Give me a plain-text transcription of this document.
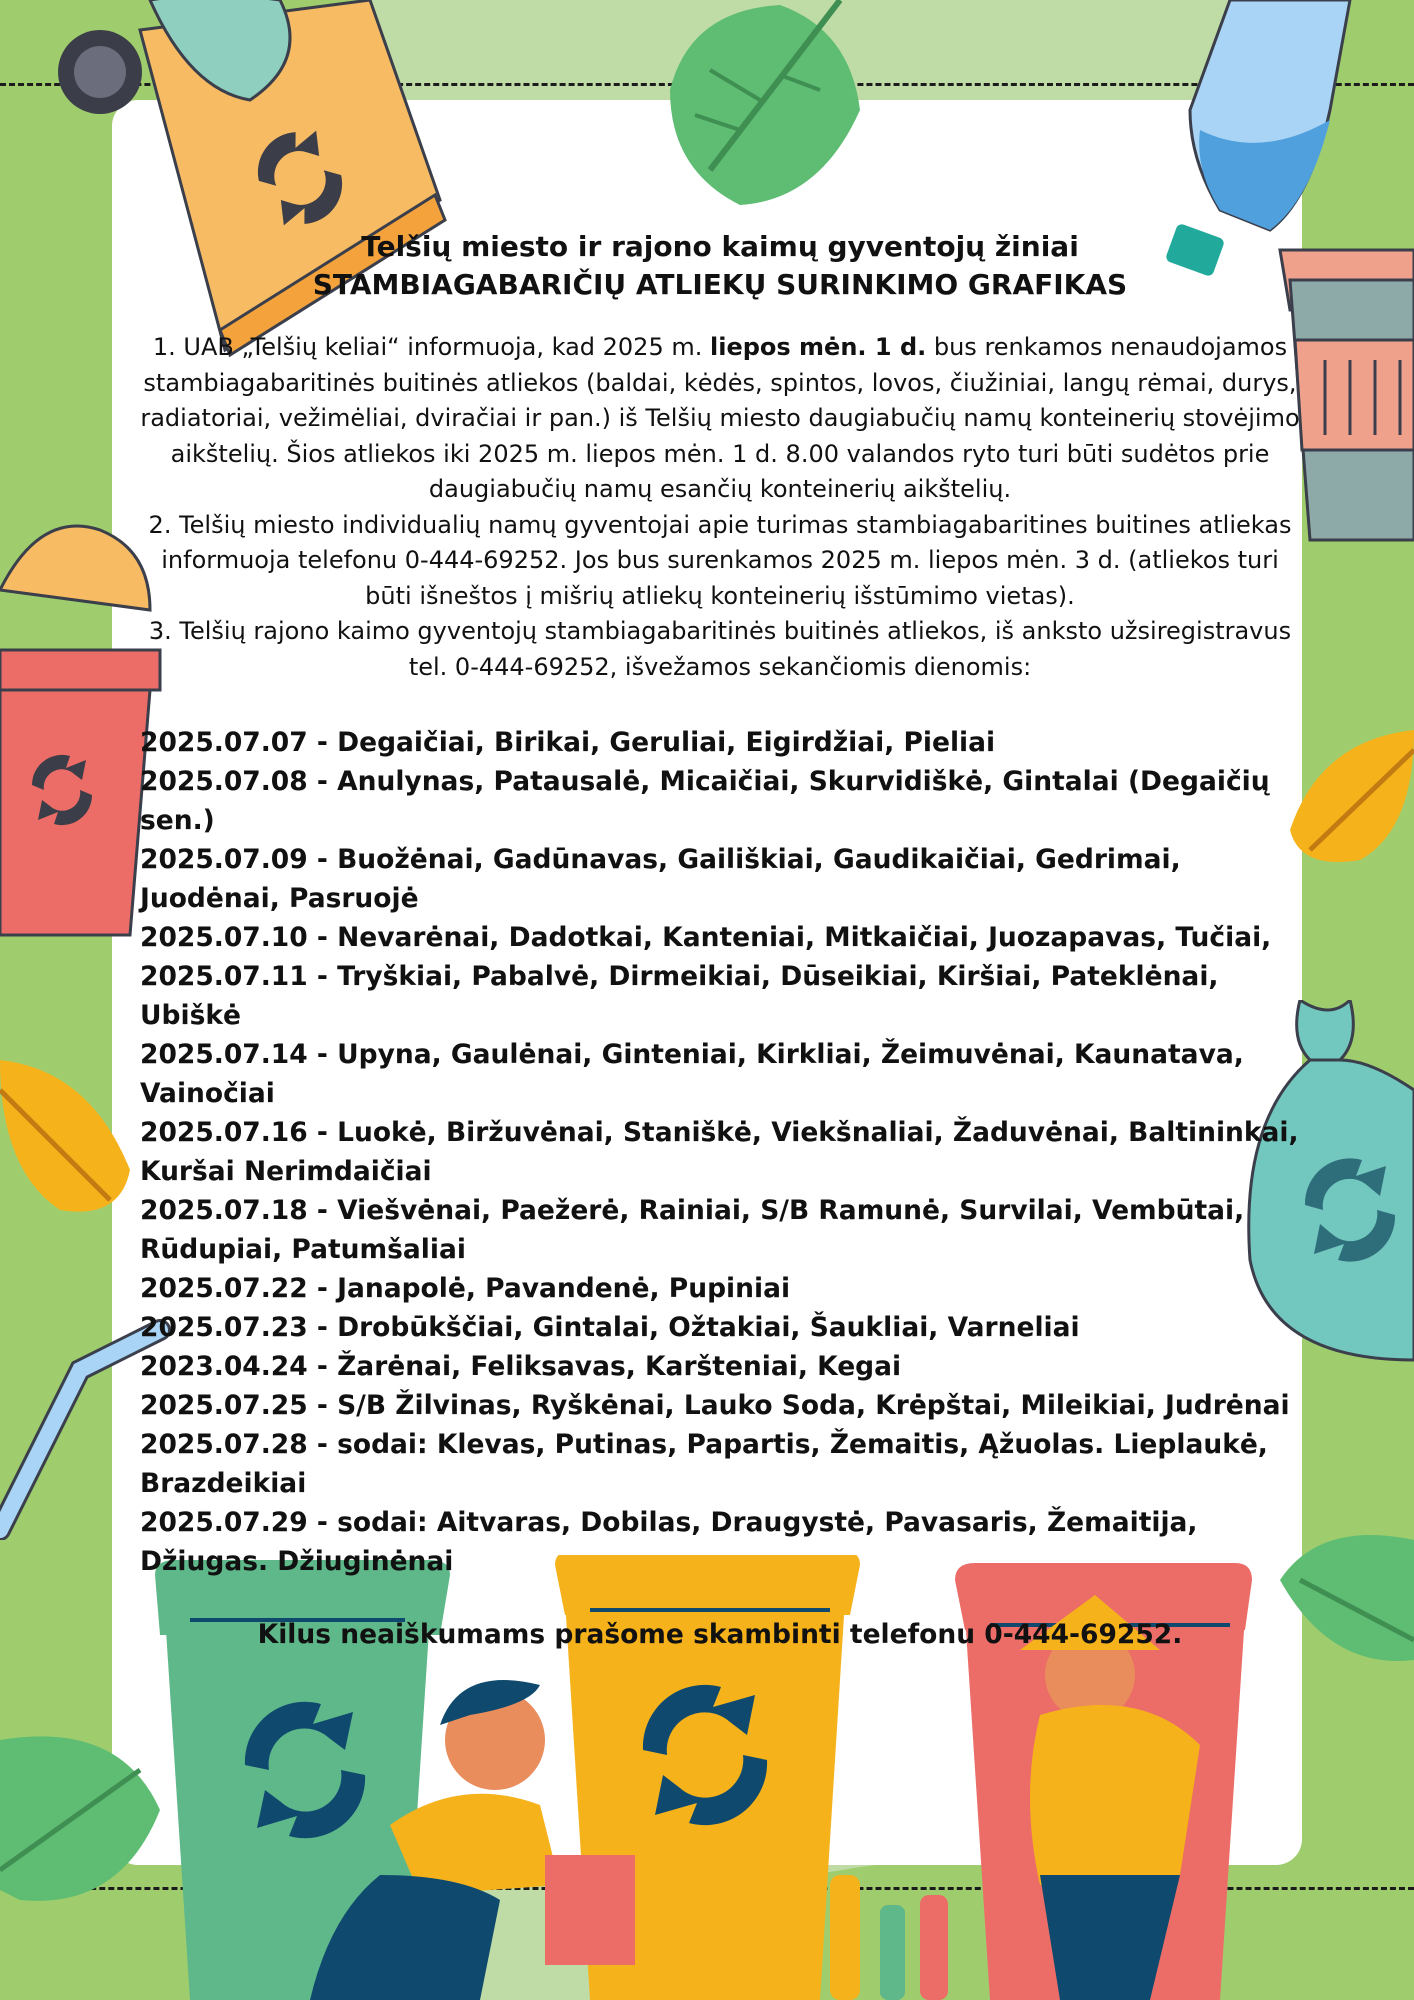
Telšių miesto ir rajono kaimų gyventojų žiniai

STAMBIAGABARIČIŲ ATLIEKŲ SURINKIMO GRAFIKAS

1. UAB „Telšių keliai“ informuoja, kad 2025 m. liepos mėn. 1 d. bus renkamos nenaudojamos stambiagabaritinės buitinės atliekos (baldai, kėdės, spintos, lovos, čiužiniai, langų rėmai, durys, radiatoriai, vežimėliai, dviračiai ir pan.) iš Telšių miesto daugiabučių namų konteinerių stovėjimo aikštelių. Šios atliekos iki 2025 m. liepos mėn. 1 d. 8.00 valandos ryto turi būti sudėtos prie daugiabučių namų esančių konteinerių aikštelių.

2. Telšių miesto individualių namų gyventojai apie turimas stambiagabaritines buitines atliekas informuoja telefonu 0-444-69252. Jos bus surenkamos 2025 m. liepos mėn. 3 d. (atliekos turi būti išneštos į mišrių atliekų konteinerių išstūmimo vietas).

3. Telšių rajono kaimo gyventojų stambiagabaritinės buitinės atliekos, iš anksto užsiregistravus tel. 0-444-69252, išvežamos sekančiomis dienomis:

2025.07.07 - Degaičiai, Birikai, Geruliai, Eigirdžiai, Pieliai

2025.07.08 - Anulynas, Patausalė, Micaičiai, Skurvidiškė, Gintalai (Degaičių sen.)

2025.07.09 - Buožėnai, Gadūnavas, Gailiškiai, Gaudikaičiai, Gedrimai, Juodėnai, Pasruojė

2025.07.10 - Nevarėnai, Dadotkai, Kanteniai, Mitkaičiai, Juozapavas, Tučiai,

2025.07.11 - Tryškiai, Pabalvė, Dirmeikiai, Dūseikiai, Kiršiai, Pateklėnai, Ubiškė

2025.07.14 - Upyna, Gaulėnai, Ginteniai, Kirkliai, Žeimuvėnai, Kaunatava, Vainočiai

2025.07.16 - Luokė, Biržuvėnai, Staniškė, Viekšnaliai, Žaduvėnai, Baltininkai, Kuršai Nerimdaičiai

2025.07.18 - Viešvėnai, Paežerė, Rainiai, S/B Ramunė, Survilai, Vembūtai, Rūdupiai, Patumšaliai

2025.07.22 - Janapolė, Pavandenė, Pupiniai

2025.07.23 - Drobūkščiai, Gintalai, Ožtakiai, Šaukliai, Varneliai

2023.04.24 - Žarėnai, Feliksavas, Karšteniai, Kegai

2025.07.25 - S/B Žilvinas, Ryškėnai, Lauko Soda, Krėpštai, Mileikiai, Judrėnai

2025.07.28 - sodai: Klevas, Putinas, Papartis, Žemaitis, Ąžuolas. Lieplaukė, Brazdeikiai

2025.07.29 - sodai: Aitvaras, Dobilas, Draugystė, Pavasaris, Žemaitija, Džiugas. Džiuginėnai

Kilus neaiškumams prašome skambinti telefonu 0-444-69252.
